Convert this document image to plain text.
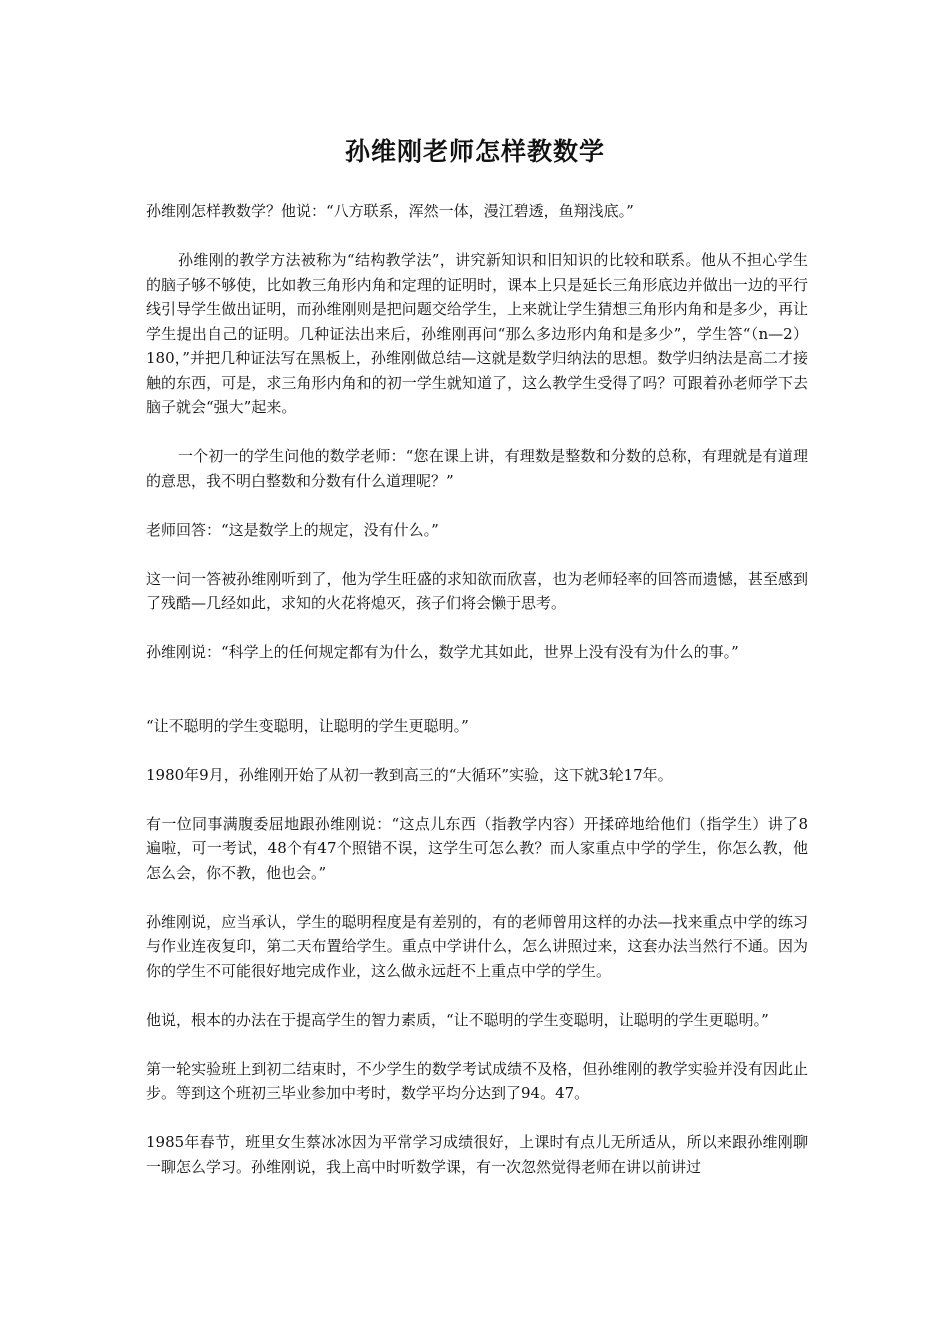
孙维刚老师怎样教数学

孙维刚怎样教数学？他说：“八方联系，浑然一体，漫江碧透，鱼翔浅底。”

孙维刚的教学方法被称为“结构教学法”，讲究新知识和旧知识的比较和联系。他从不担心学生的脑子够不够使，比如教三角形内角和定理的证明时，课本上只是延长三角形底边并做出一边的平行线引导学生做出证明，而孙维刚则是把问题交给学生，上来就让学生猜想三角形内角和是多少，再让学生提出自己的证明。几种证法出来后，孙维刚再问“那么多边形内角和是多少”，学生答“（n—2）180，”并把几种证法写在黑板上，孙维刚做总结—这就是数学归纳法的思想。数学归纳法是高二才接触的东西，可是，求三角形内角和的初一学生就知道了，这么教学生受得了吗？可跟着孙老师学下去脑子就会“强大”起来。

一个初一的学生问他的数学老师：“您在课上讲，有理数是整数和分数的总称，有理就是有道理的意思，我不明白整数和分数有什么道理呢？”

老师回答：“这是数学上的规定，没有什么。”

这一问一答被孙维刚听到了，他为学生旺盛的求知欲而欣喜，也为老师轻率的回答而遗憾，甚至感到了残酷—几经如此，求知的火花将熄灭，孩子们将会懒于思考。

孙维刚说：“科学上的任何规定都有为什么，数学尤其如此，世界上没有没有为什么的事。”

“让不聪明的学生变聪明，让聪明的学生更聪明。”

1980年9月，孙维刚开始了从初一教到高三的“大循环”实验，这下就3轮17年。

有一位同事满腹委屈地跟孙维刚说：“这点儿东西（指教学内容）开揉碎地给他们（指学生）讲了8遍啦，可一考试，48个有47个照错不误，这学生可怎么教？而人家重点中学的学生，你怎么教，他怎么会，你不教，他也会。”

孙维刚说，应当承认，学生的聪明程度是有差别的，有的老师曾用这样的办法—找来重点中学的练习与作业连夜复印，第二天布置给学生。重点中学讲什么，怎么讲照过来，这套办法当然行不通。因为你的学生不可能很好地完成作业，这么做永远赶不上重点中学的学生。

他说，根本的办法在于提高学生的智力素质，“让不聪明的学生变聪明，让聪明的学生更聪明。”

第一轮实验班上到初二结束时，不少学生的数学考试成绩不及格，但孙维刚的教学实验并没有因此止步。等到这个班初三毕业参加中考时，数学平均分达到了94。47。

1985年春节，班里女生蔡冰冰因为平常学习成绩很好，上课时有点儿无所适从，所以来跟孙维刚聊一聊怎么学习。孙维刚说，我上高中时听数学课，有一次忽然觉得老师在讲以前讲过
